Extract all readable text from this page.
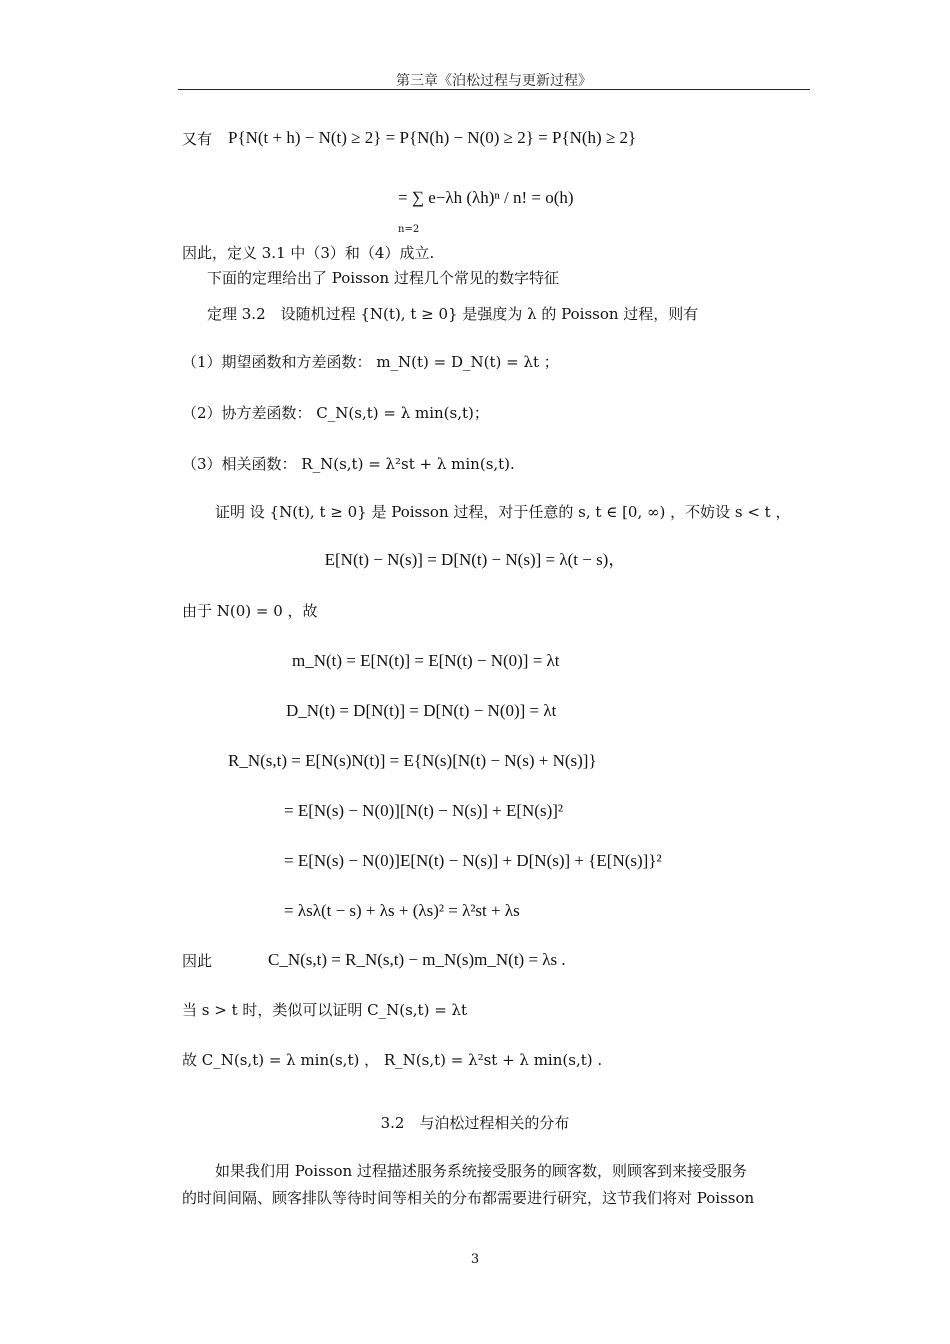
第三章《泊松过程与更新过程》
又有 P{N(t + h) − N(t) ≥ 2} = P{N(h) − N(0) ≥ 2} = P{N(h) ≥ 2}
= ∑ e−λh (λh)ⁿ / n! = o(h)
n=2
因此，定义 3.1 中（3）和（4）成立.
下面的定理给出了 Poisson 过程几个常见的数字特征
定理 3.2　设随机过程 {N(t), t ≥ 0} 是强度为 λ 的 Poisson 过程，则有
（1）期望函数和方差函数： m_N(t) = D_N(t) = λt ；
（2）协方差函数： C_N(s,t) = λ min(s,t)；
（3）相关函数： R_N(s,t) = λ²st + λ min(s,t).
证明 设 {N(t), t ≥ 0} 是 Poisson 过程，对于任意的 s, t ∈ [0, ∞) ，不妨设 s < t ，
E[N(t) − N(s)] = D[N(t) − N(s)] = λ(t − s)，
由于 N(0) = 0 ，故
m_N(t) = E[N(t)] = E[N(t) − N(0)] = λt
D_N(t) = D[N(t)] = D[N(t) − N(0)] = λt
R_N(s,t) = E[N(s)N(t)] = E{N(s)[N(t) − N(s) + N(s)]}
= E[N(s) − N(0)][N(t) − N(s)] + E[N(s)]²
= E[N(s) − N(0)]E[N(t) − N(s)] + D[N(s)] + {E[N(s)]}²
= λsλ(t − s) + λs + (λs)² = λ²st + λs
因此	C_N(s,t) = R_N(s,t) − m_N(s)m_N(t) = λs .
当 s > t 时，类似可以证明 C_N(s,t) = λt
故 C_N(s,t) = λ min(s,t) ， R_N(s,t) = λ²st + λ min(s,t) .
3.2　与泊松过程相关的分布
如果我们用 Poisson 过程描述服务系统接受服务的顾客数，则顾客到来接受服务
的时间间隔、顾客排队等待时间等相关的分布都需要进行研究，这节我们将对 Poisson
3
